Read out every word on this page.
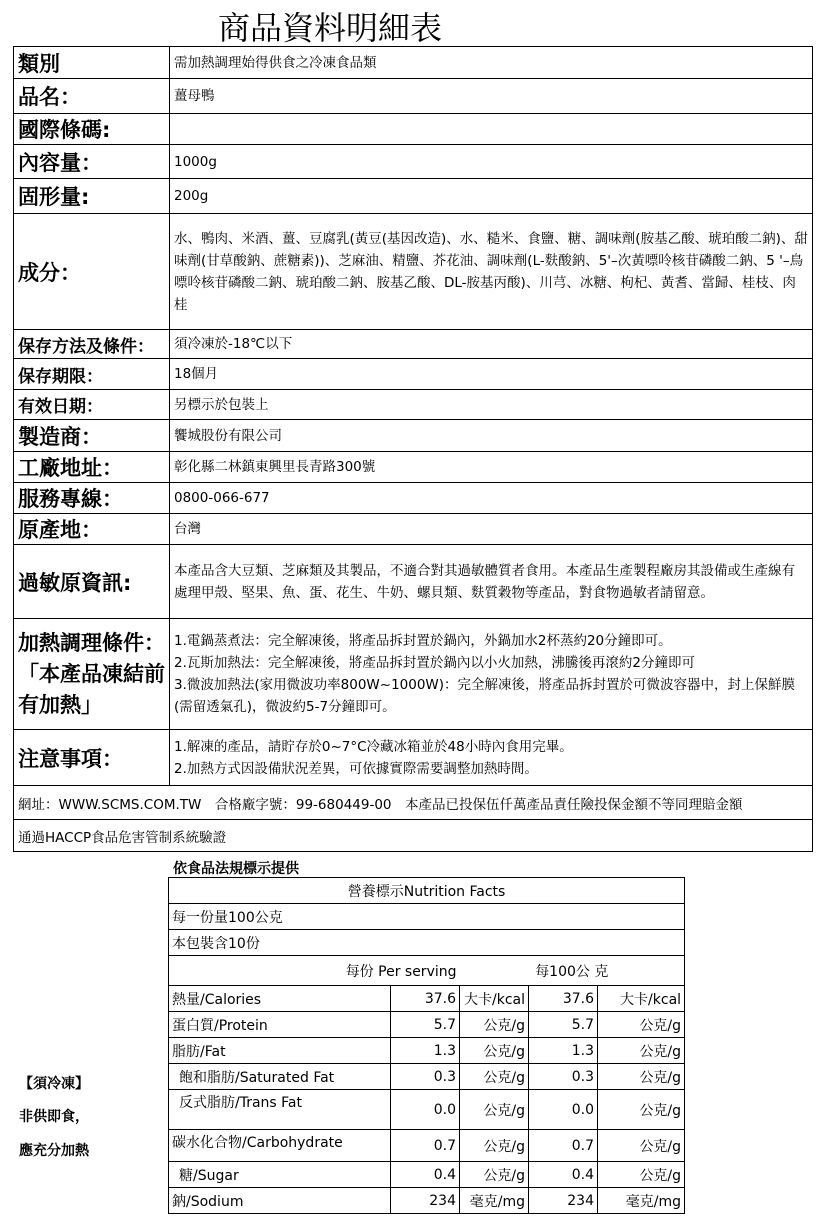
商品資料明細表
類別	需加熱調理始得供食之冷凍食品類
品名：	薑母鴨
國際條碼:	
內容量：	1000g
固形量:	200g
成分：	水、鴨肉、米酒、薑、豆腐乳(黃豆(基因改造)、水、糙米、食鹽、糖、調味劑(胺基乙酸、琥珀酸二鈉)、甜味劑(甘草酸鈉、蔗糖素))、芝麻油、精鹽、芥花油、調味劑(L-麩酸鈉、5'–次黃嘌呤核苷磷酸二鈉、5 '–鳥嘌呤核苷磷酸二鈉、琥珀酸二鈉、胺基乙酸、DL-胺基丙酸)、川芎、冰糖、枸杞、黃耆、當歸、桂枝、肉桂
保存方法及條件：	須冷凍於-18℃以下
保存期限：	18個月
有效日期：	另標示於包裝上
製造商：	饗城股份有限公司
工廠地址：	彰化縣二林鎮東興里長青路300號
服務專線：	0800-066-677
原產地：	台灣
過敏原資訊:	本產品含大豆類、芝麻類及其製品，不適合對其過敏體質者食用。本產品生產製程廠房其設備或生產線有處理甲殼、堅果、魚、蛋、花生、牛奶、螺貝類、麩質穀物等產品，對食物過敏者請留意。
加熱調理條件：「本產品凍結前有加熱」	1.電鍋蒸煮法：完全解凍後，將產品拆封置於鍋內，外鍋加水2杯蒸約20分鐘即可。
2.瓦斯加熱法：完全解凍後，將產品拆封置於鍋內以小火加熱，沸騰後再滾約2分鐘即可
3.微波加熱法(家用微波功率800W~1000W)：完全解凍後，將產品拆封置於可微波容器中，封上保鮮膜(需留透氣孔)，微波約5-7分鐘即可。

注意事項：	1.解凍的產品，請貯存於0~7°C冷藏冰箱並於48小時內食用完畢。
2.加熱方式因設備狀況差異，可依據實際需要調整加熱時間。

網址：WWW.SCMS.COM.TW　合格廠字號：99-680449-00　本產品已投保伍仟萬產品責任險投保金額不等同理賠金額	
通過HACCP食品危害管制系統驗證	
依食品法規標示提供
營養標示Nutrition Facts				
每一份量100公克				
本包裝含10份				
每份 Per serving		每100公 克		
熱量/Calories	37.6	大卡/kcal	37.6	大卡/kcal
蛋白質/Protein	5.7	公克/g	5.7	公克/g
脂肪/Fat	1.3	公克/g	1.3	公克/g
飽和脂肪/Saturated Fat	0.3	公克/g	0.3	公克/g
反式脂肪/Trans Fat	0.0	公克/g	0.0	公克/g
碳水化合物/Carbohydrate	0.7	公克/g	0.7	公克/g
糖/Sugar	0.4	公克/g	0.4	公克/g
鈉/Sodium	234	毫克/mg	234	毫克/mg
【須冷凍】
非供即食，
應充分加熱
